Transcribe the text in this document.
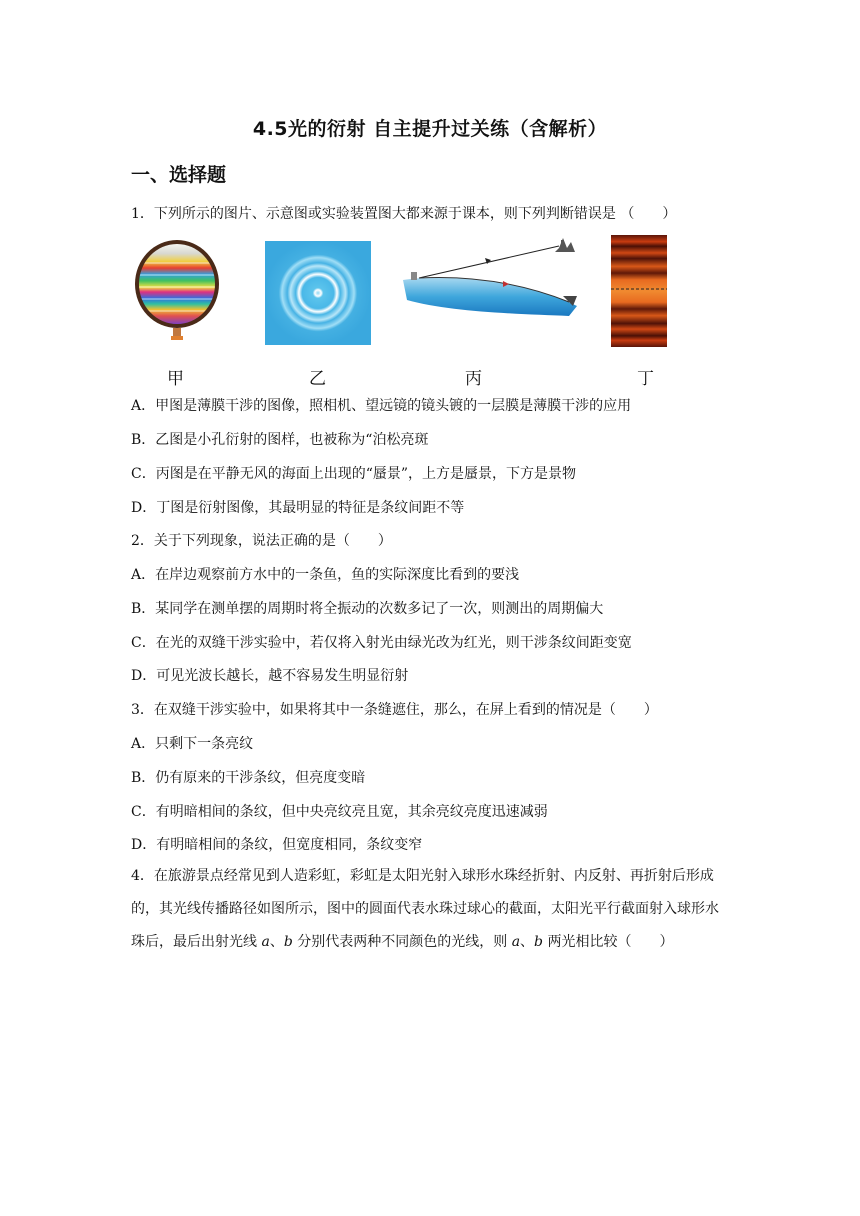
4.5光的衍射 自主提升过关练（含解析）
一、选择题
1．下列所示的图片、示意图或实验装置图大都来源于课本，则下列判断错误是 （　　）
甲	乙	丙	丁
A．甲图是薄膜干涉的图像，照相机、望远镜的镜头镀的一层膜是薄膜干涉的应用
B．乙图是小孔衍射的图样，也被称为“泊松亮斑
C．丙图是在平静无风的海面上出现的“蜃景”，上方是蜃景，下方是景物
D．丁图是衍射图像，其最明显的特征是条纹间距不等
2．关于下列现象，说法正确的是（　　）
A．在岸边观察前方水中的一条鱼，鱼的实际深度比看到的要浅
B．某同学在测单摆的周期时将全振动的次数多记了一次，则测出的周期偏大
C．在光的双缝干涉实验中，若仅将入射光由绿光改为红光，则干涉条纹间距变宽
D．可见光波长越长，越不容易发生明显衍射
3．在双缝干涉实验中，如果将其中一条缝遮住，那么，在屏上看到的情况是（　　）
A．只剩下一条亮纹
B．仍有原来的干涉条纹，但亮度变暗
C．有明暗相间的条纹，但中央亮纹亮且宽，其余亮纹亮度迅速减弱
D．有明暗相间的条纹，但宽度相同，条纹变窄
4．在旅游景点经常见到人造彩虹，彩虹是太阳光射入球形水珠经折射、内反射、再折射后形成的，其光线传播路径如图所示，图中的圆面代表水珠过球心的截面，太阳光平行截面射入球形水珠后，最后出射光线 a、b 分别代表两种不同颜色的光线，则 a、b 两光相比较（　　）
